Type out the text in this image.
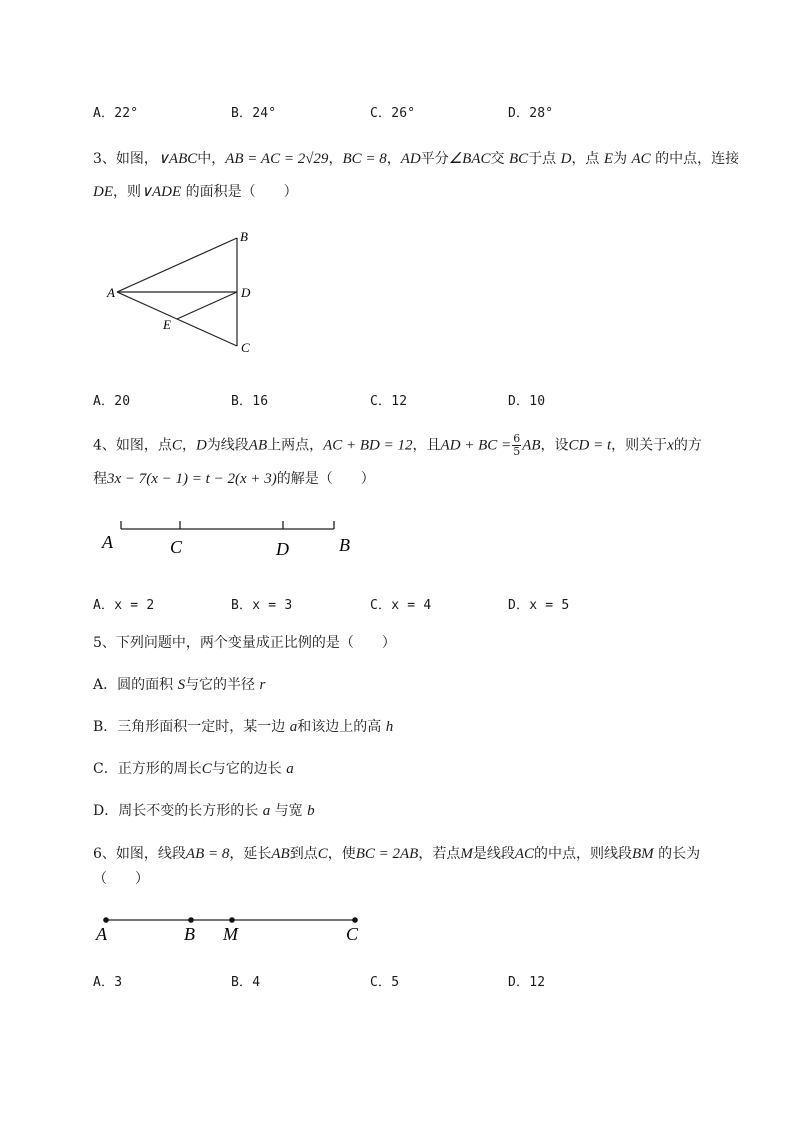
A．22°	B．24°	C．26°	D．28°
3、如图，∨ABC中，AB = AC = 2√29，BC = 8，AD平分∠BAC交 BC于点 D，点 E为 AC 的中点，连接
DE，则∨ADE 的面积是（　　）
A
B
D
C
E
A．20	B．16	C．12	D．10
4、如图，点C，D为线段AB上两点，AC + BD = 12，且AD + BC = $\frac{6}{5}$ AB，设CD = t，则关于x的方
程3x − 7(x − 1) = t − 2(x + 3)的解是（　　）
A	C	D	B
A．x = 2	B．x = 3	C．x = 4	D．x = 5
5、下列问题中，两个变量成正比例的是（　　）
A．圆的面积 S与它的半径 r
B．三角形面积一定时，某一边 a和该边上的高 h
C．正方形的周长C与它的边长 a
D．周长不变的长方形的长 a 与宽 b
6、如图，线段AB = 8，延长AB到点C，使BC = 2AB，若点M是线段AC的中点，则线段BM 的长为
（　　）
A	B M	C
A．3	B．4	C．5	D．12
